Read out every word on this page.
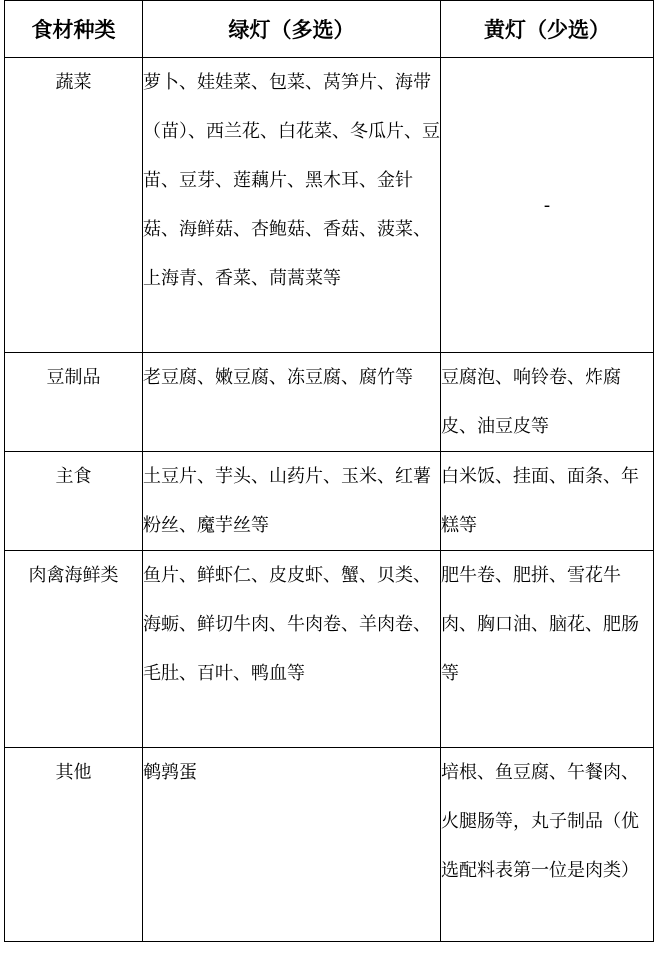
食材种类	绿灯（多选）	黄灯（少选）
蔬菜	萝卜、娃娃菜、包菜、莴笋片、海带（苗）、西兰花、白花菜、冬瓜片、豆苗、豆芽、莲藕片、黑木耳、金针菇、海鲜菇、杏鲍菇、香菇、菠菜、上海青、香菜、茼蒿菜等	-
豆制品	老豆腐、嫩豆腐、冻豆腐、腐竹等	豆腐泡、响铃卷、炸腐皮、油豆皮等
主食	土豆片、芋头、山药片、玉米、红薯粉丝、魔芋丝等	白米饭、挂面、面条、年糕等
肉禽海鲜类	鱼片、鲜虾仁、皮皮虾、蟹、贝类、海蛎、鲜切牛肉、牛肉卷、羊肉卷、毛肚、百叶、鸭血等	肥牛卷、肥拼、雪花牛肉、胸口油、脑花、肥肠等
其他	鹌鹑蛋	培根、鱼豆腐、午餐肉、火腿肠等，丸子制品（优选配料表第一位是肉类）
